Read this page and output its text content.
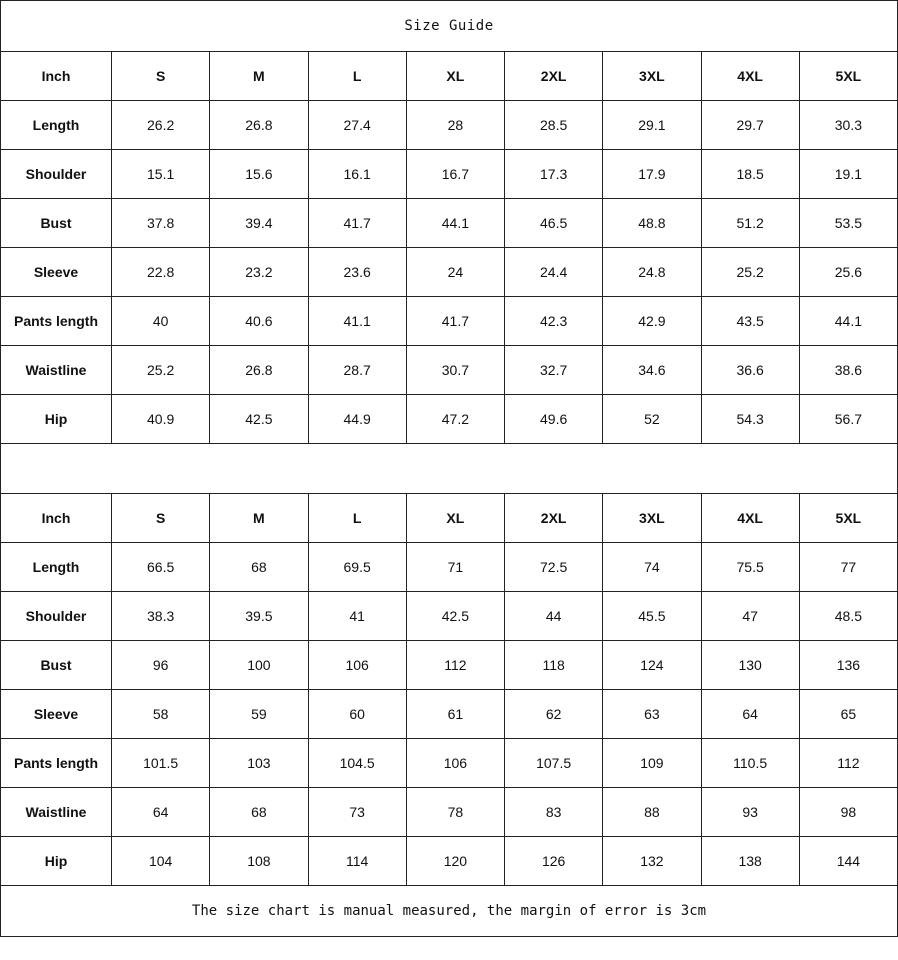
Size Guide								
Inch	S	M	L	XL	2XL	3XL	4XL	5XL
Length	26.2	26.8	27.4	28	28.5	29.1	29.7	30.3
Shoulder	15.1	15.6	16.1	16.7	17.3	17.9	18.5	19.1
Bust	37.8	39.4	41.7	44.1	46.5	48.8	51.2	53.5
Sleeve	22.8	23.2	23.6	24	24.4	24.8	25.2	25.6
Pants length	40	40.6	41.1	41.7	42.3	42.9	43.5	44.1
Waistline	25.2	26.8	28.7	30.7	32.7	34.6	36.6	38.6
Hip	40.9	42.5	44.9	47.2	49.6	52	54.3	56.7

Inch	S	M	L	XL	2XL	3XL	4XL	5XL
Length	66.5	68	69.5	71	72.5	74	75.5	77
Shoulder	38.3	39.5	41	42.5	44	45.5	47	48.5
Bust	96	100	106	112	118	124	130	136
Sleeve	58	59	60	61	62	63	64	65
Pants length	101.5	103	104.5	106	107.5	109	110.5	112
Waistline	64	68	73	78	83	88	93	98
Hip	104	108	114	120	126	132	138	144
The size chart is manual measured, the margin of error is 3cm								
